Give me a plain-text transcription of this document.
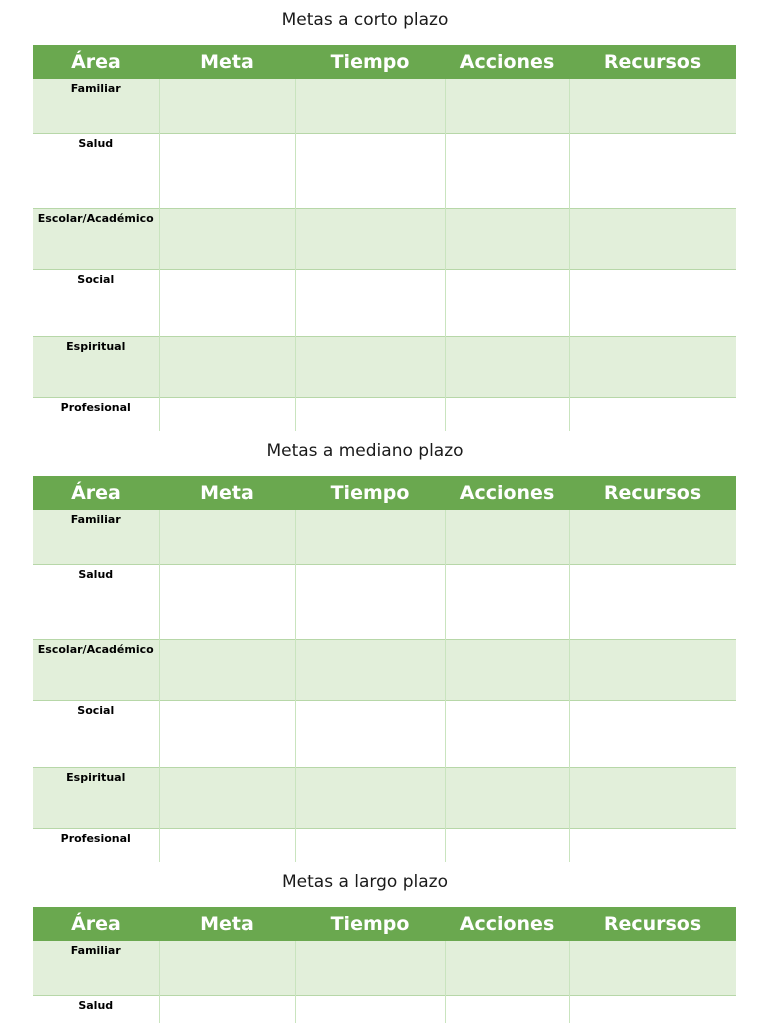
Metas a corto plazo
Área	Meta	Tiempo	Acciones	Recursos
Familiar				
Salud				
Escolar/Académico				
Social				
Espiritual				
Profesional				
Metas a mediano plazo
Área	Meta	Tiempo	Acciones	Recursos
Familiar				
Salud				
Escolar/Académico				
Social				
Espiritual				
Profesional				
Metas a largo plazo
Área	Meta	Tiempo	Acciones	Recursos
Familiar				
Salud				
